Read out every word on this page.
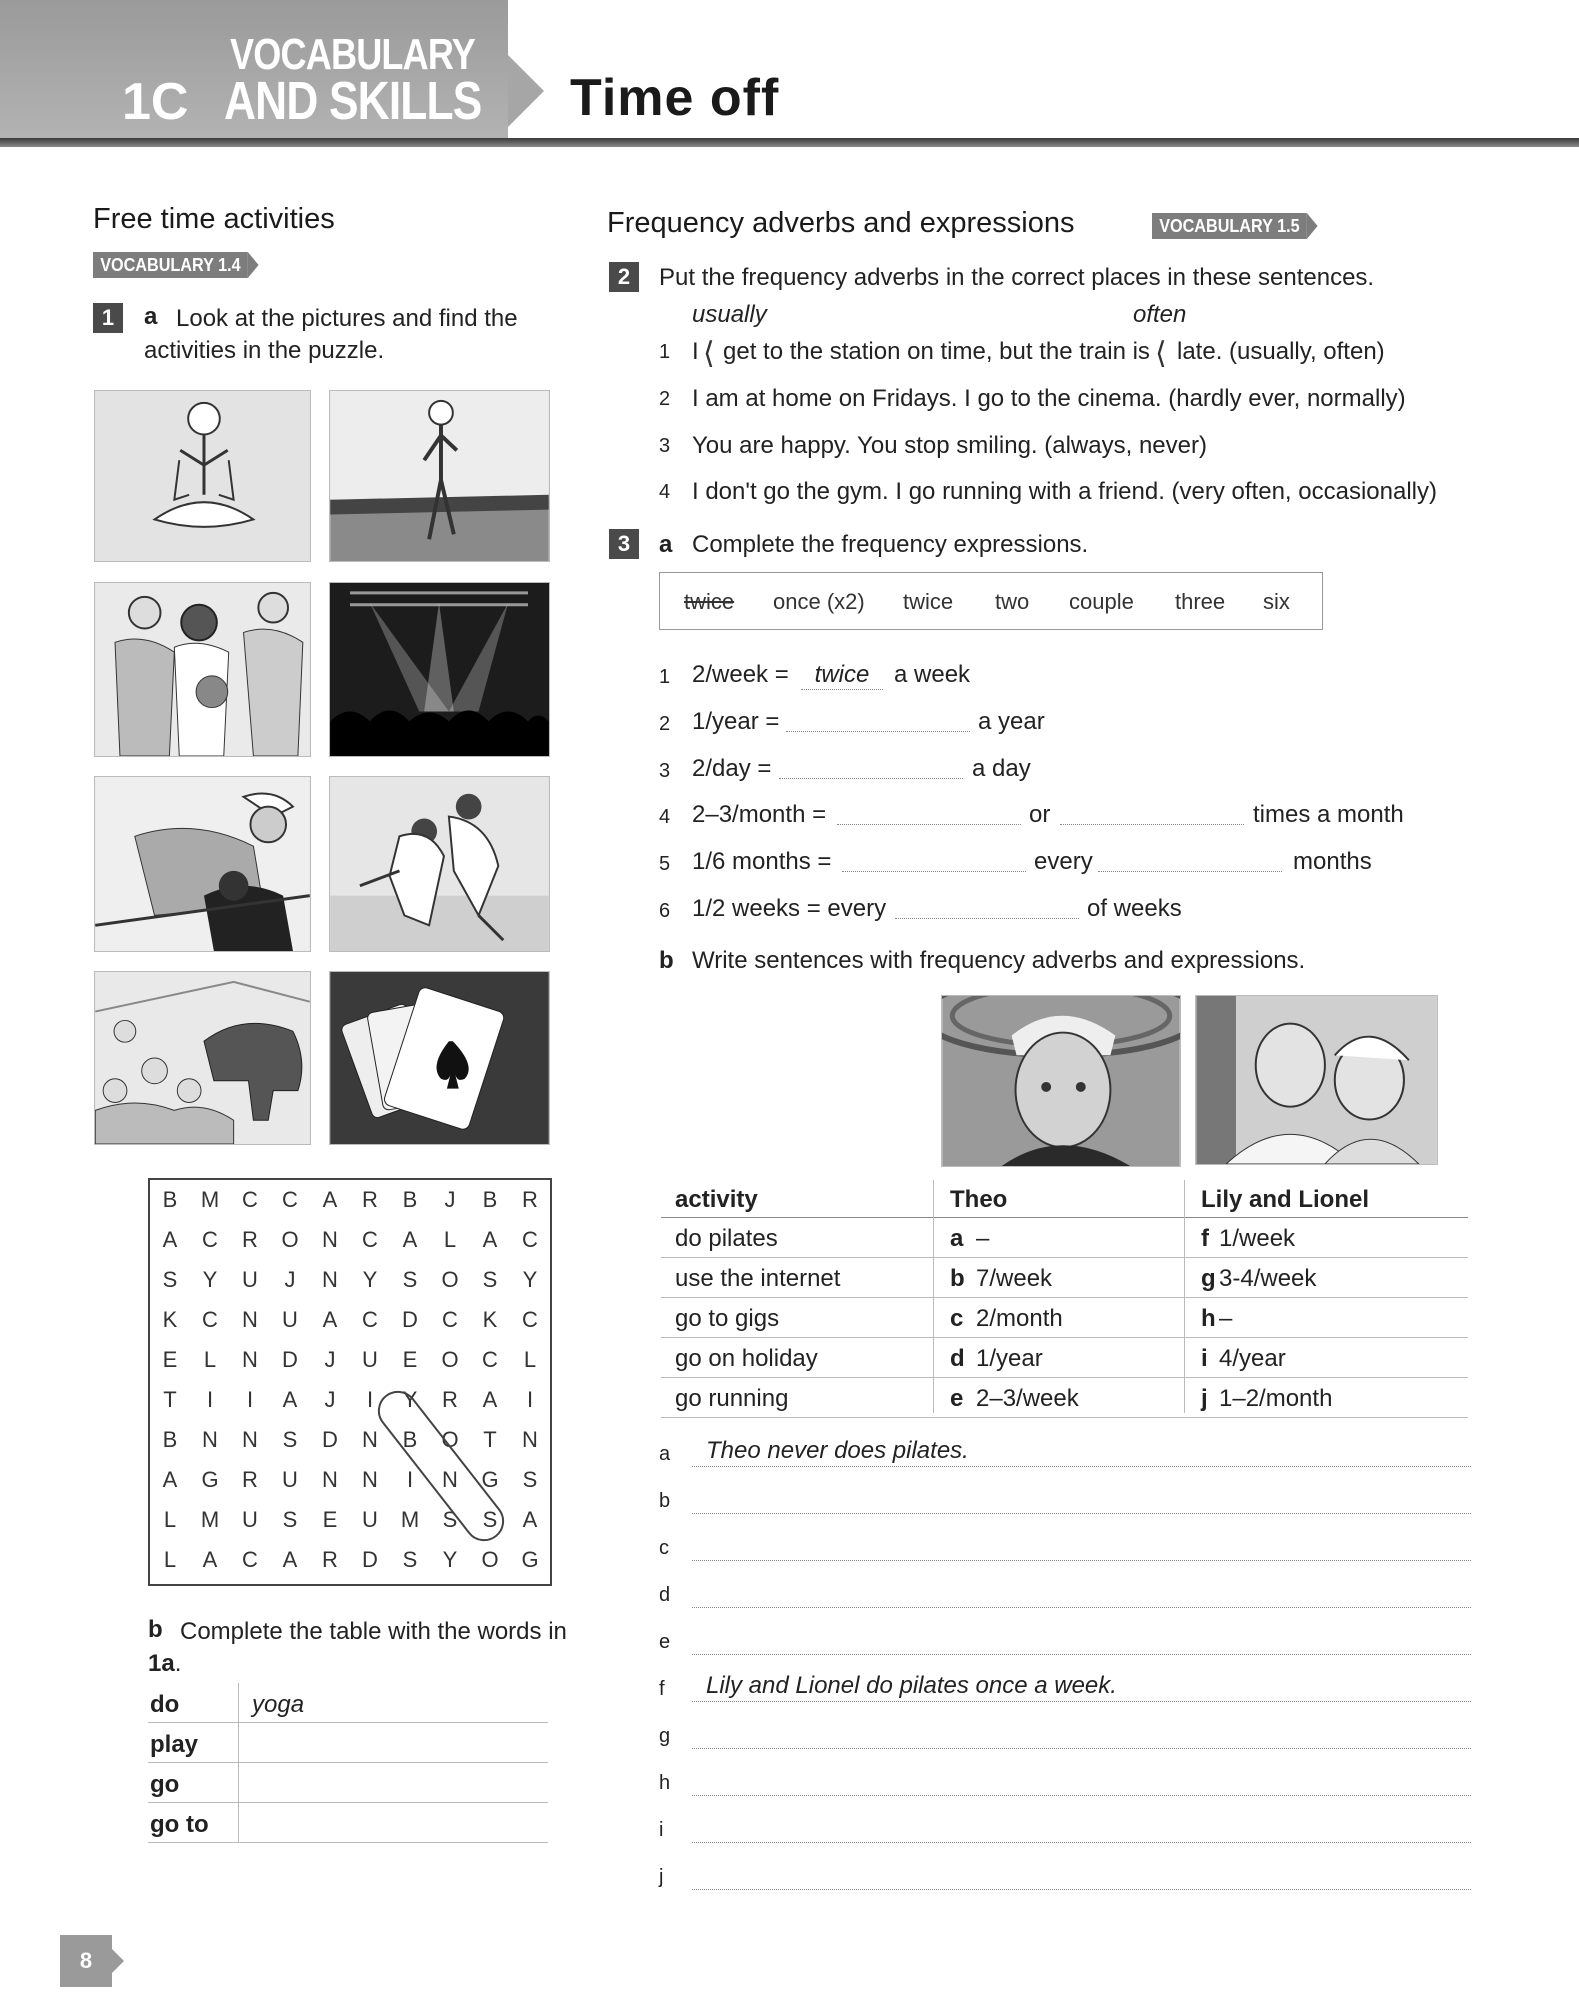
VOCABULARY
1C AND SKILLS Time off
Free time activities
VOCABULARY 1.4
1	a Look at the pictures and find the activities in the puzzle.
B	M	C	C	A	R	B	J	B	R
A	C	R	O	N	C	A	L	A	C
S	Y	U	J	N	Y	S	O	S	Y
K	C	N	U	A	C	D	C	K	C
E	L	N	D	J	U	E	O	C	L
T	I	I	A	J	I	Y	R	A	I
B	N	N	S	D	N	B	O	T	N
A	G	R	U	N	N	I	N	G	S
L	M	U	S	E	U	M	S	S	A
L	A	C	A	R	D	S	Y	O	G
b Complete the table with the words in 1a.
do	yoga
play
go
go to
Frequency adverbs and expressions	VOCABULARY 1.5
2	Put the frequency adverbs in the correct places in these sentences.
usually	often
1 I ⟨ get to the station on time, but the train is ⟨ late. (usually, often)
2 I am at home on Fridays. I go to the cinema. (hardly ever, normally)
3 You are happy. You stop smiling. (always, never)
4 I don't go the gym. I go running with a friend. (very often, occasionally)
3	a Complete the frequency expressions.
twice once (x2) twice two couple three six
1 2/week =	twice	a week
2 1/year =	a year
3 2/day =	a day
4 2–3/month =	or	times a month
5 1/6 months =	every	months
6 1/2 weeks = every	of weeks
b Write sentences with frequency adverbs and expressions.
activity	Theo	Lily and Lionel
do pilates	a –	f 1/week
use the internet	b 7/week	g 3-4/week
go to gigs	c 2/month	h –
go on holiday	d 1/year	i 4/year
go running	e 2–3/week	j 1–2/month
a	Theo never does pilates.
b
c
d
e
f	Lily and Lionel do pilates once a week.
g
h
i
j
8
